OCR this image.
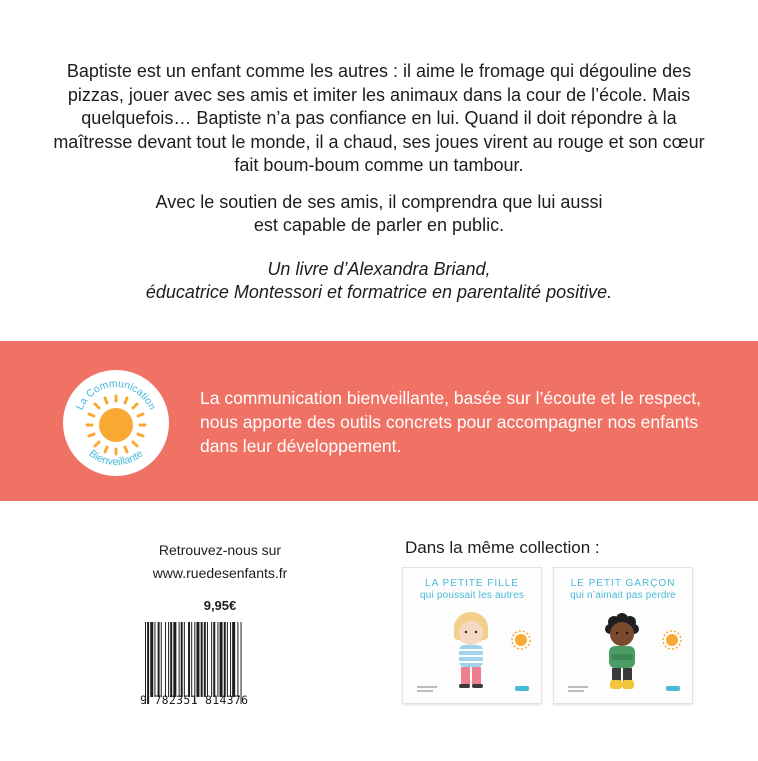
Baptiste est un enfant comme les autres : il aime le fromage qui dégouline des pizzas, jouer avec ses amis et imiter les animaux dans la cour de l’école. Mais quelquefois… Baptiste n’a pas confiance en lui. Quand il doit répondre à la maîtresse devant tout le monde, il a chaud, ses joues virent au rouge et son cœur fait boum-boum comme un tambour.

Avec le soutien de ses amis, il comprendra que lui aussi est capable de parler en public.

Un livre d’Alexandra Briand,
éducatrice Montessori et formatrice en parentalité positive.

La Communication
Bienveillante
La communication bienveillante, basée sur l’écoute et le respect, nous apporte des outils concrets pour accompagner nos enfants dans leur développement.
Retrouvez-nous sur
www.ruedesenfants.fr
9,95€
9 782351 814376
Dans la même collection :
LA PETITE FILLE
qui poussait les autres
LE PETIT GARÇON
qui n’aimait pas perdre
